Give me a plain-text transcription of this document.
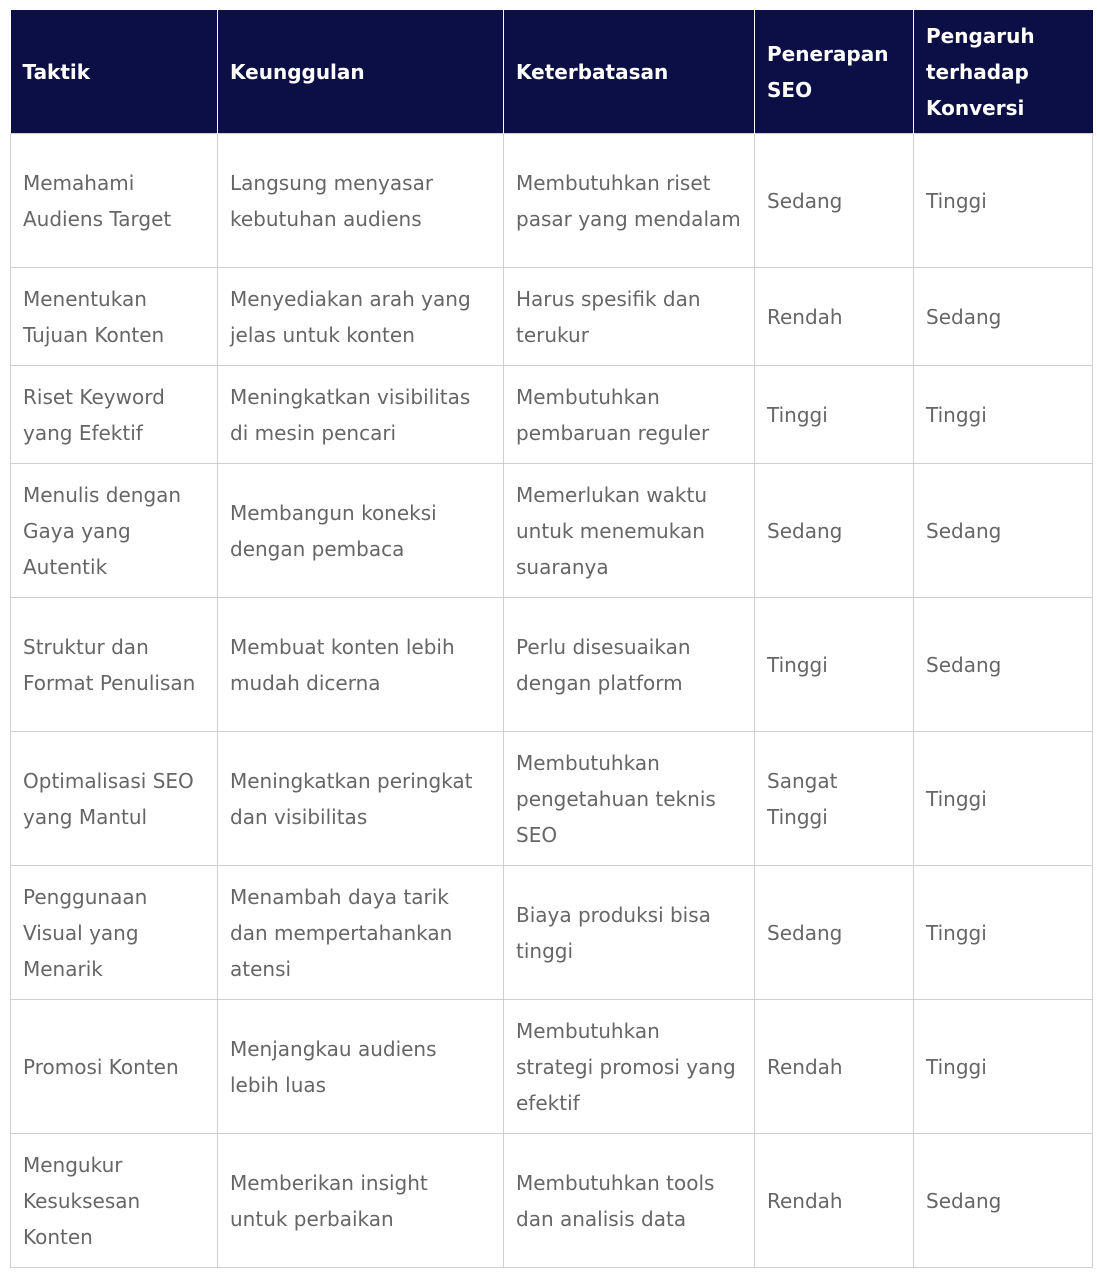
Taktik	Keunggulan	Keterbatasan	Penerapan SEO	Pengaruh terhadap Konversi
Memahami Audiens Target	Langsung menyasar kebutuhan audiens	Membutuhkan riset pasar yang mendalam	Sedang	Tinggi
Menentukan Tujuan Konten	Menyediakan arah yang jelas untuk konten	Harus spesifik dan terukur	Rendah	Sedang
Riset Keyword yang Efektif	Meningkatkan visibilitas di mesin pencari	Membutuhkan pembaruan reguler	Tinggi	Tinggi
Menulis dengan Gaya yang Autentik	Membangun koneksi dengan pembaca	Memerlukan waktu untuk menemukan suaranya	Sedang	Sedang
Struktur dan Format Penulisan	Membuat konten lebih mudah dicerna	Perlu disesuaikan dengan platform	Tinggi	Sedang
Optimalisasi SEO yang Mantul	Meningkatkan peringkat dan visibilitas	Membutuhkan pengetahuan teknis SEO	Sangat Tinggi	Tinggi
Penggunaan Visual yang Menarik	Menambah daya tarik dan mempertahankan atensi	Biaya produksi bisa tinggi	Sedang	Tinggi
Promosi Konten	Menjangkau audiens lebih luas	Membutuhkan strategi promosi yang efektif	Rendah	Tinggi
Mengukur Kesuksesan Konten	Memberikan insight untuk perbaikan	Membutuhkan tools dan analisis data	Rendah	Sedang
